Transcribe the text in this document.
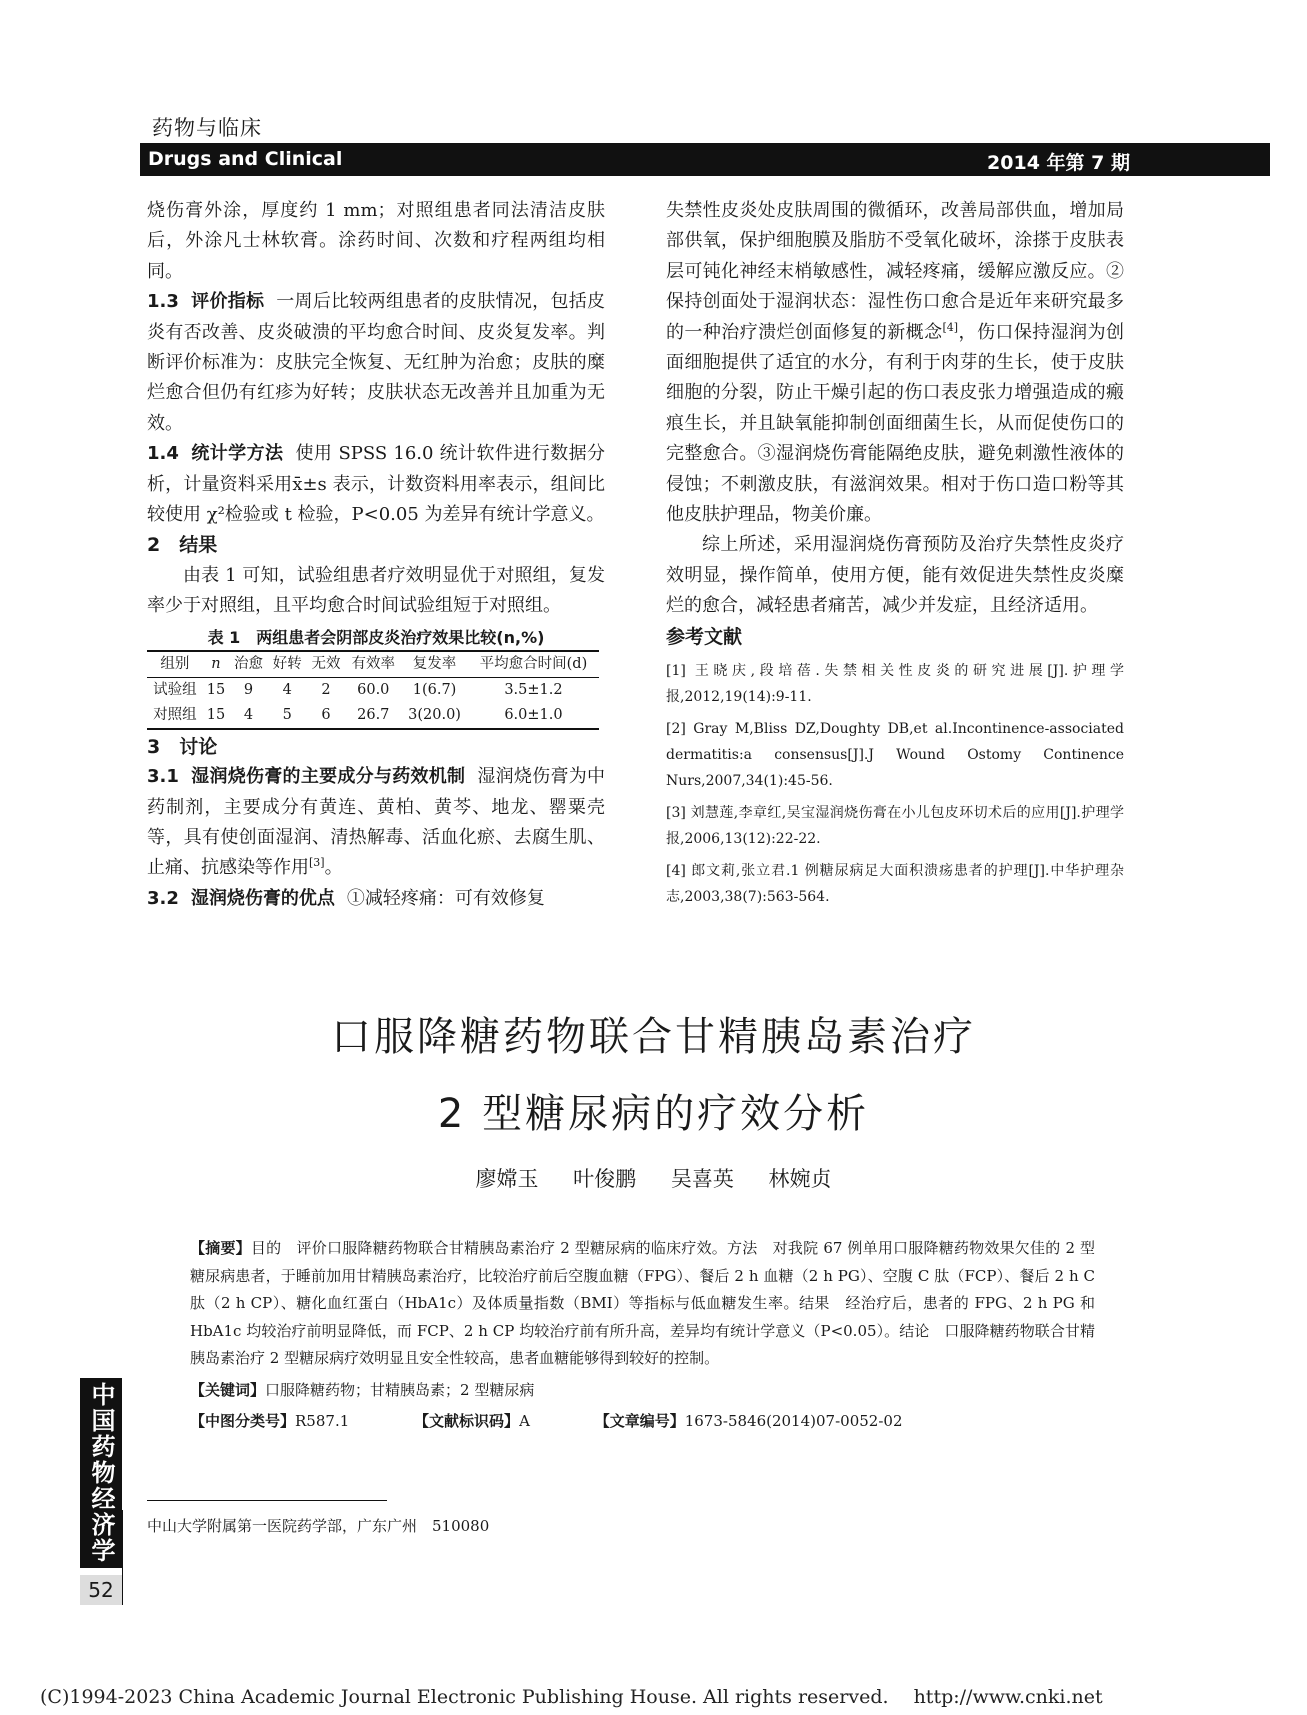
药物与临床
Drugs and Clinical	2014 年第 7 期

烧伤膏外涂，厚度约 1 mm；对照组患者同法清洁皮肤后，外涂凡士林软膏。涂药时间、次数和疗程两组均相同。

1.3 评价指标 一周后比较两组患者的皮肤情况，包括皮炎有否改善、皮炎破溃的平均愈合时间、皮炎复发率。判断评价标准为：皮肤完全恢复、无红肿为治愈；皮肤的糜烂愈合但仍有红疹为好转；皮肤状态无改善并且加重为无效。

1.4 统计学方法 使用 SPSS 16.0 统计软件进行数据分析，计量资料采用x̄±s 表示，计数资料用率表示，组间比较使用 χ²检验或 t 检验，P<0.05 为差异有统计学意义。

2　结果

由表 1 可知，试验组患者疗效明显优于对照组，复发率少于对照组，且平均愈合时间试验组短于对照组。

表 1　两组患者会阴部皮炎治疗效果比较(n,%)
组别	n	治愈	好转	无效	有效率	复发率	平均愈合时间(d)
试验组	15	9	4	2	60.0	1(6.7)	3.5±1.2
对照组	15	4	5	6	26.7	3(20.0)	6.0±1.0

3　讨论

3.1 湿润烧伤膏的主要成分与药效机制 湿润烧伤膏为中药制剂，主要成分有黄连、黄柏、黄芩、地龙、罂粟壳等，具有使创面湿润、清热解毒、活血化瘀、去腐生肌、止痛、抗感染等作用[3]。

3.2 湿润烧伤膏的优点 ①减轻疼痛：可有效修复

失禁性皮炎处皮肤周围的微循环，改善局部供血，增加局部供氧，保护细胞膜及脂肪不受氧化破坏，涂搽于皮肤表层可钝化神经末梢敏感性，减轻疼痛，缓解应激反应。②保持创面处于湿润状态：湿性伤口愈合是近年来研究最多的一种治疗溃烂创面修复的新概念[4]，伤口保持湿润为创面细胞提供了适宜的水分，有利于肉芽的生长，使于皮肤细胞的分裂，防止干燥引起的伤口表皮张力增强造成的瘢痕生长，并且缺氧能抑制创面细菌生长，从而促使伤口的完整愈合。③湿润烧伤膏能隔绝皮肤，避免刺激性液体的侵蚀；不刺激皮肤，有滋润效果。相对于伤口造口粉等其他皮肤护理品，物美价廉。

综上所述，采用湿润烧伤膏预防及治疗失禁性皮炎疗效明显，操作简单，使用方便，能有效促进失禁性皮炎糜烂的愈合，减轻患者痛苦，减少并发症，且经济适用。

参考文献

[1] 王晓庆,段培蓓.失禁相关性皮炎的研究进展[J].护理学报,2012,19(14):9-11.

[2] Gray M,Bliss DZ,Doughty DB,et al.Incontinence-associated dermatitis:a consensus[J].J Wound Ostomy Continence Nurs,2007,34(1):45-56.

[3] 刘慧莲,李章红,吴宝湿润烧伤膏在小儿包皮环切术后的应用[J].护理学报,2006,13(12):22-22.

[4] 郎文莉,张立君.1 例糖尿病足大面积溃疡患者的护理[J].中华护理杂志,2003,38(7):563-564.

口服降糖药物联合甘精胰岛素治疗
2 型糖尿病的疗效分析
廖嫦玉 叶俊鹏 吴喜英 林婉贞

【摘要】目的　评价口服降糖药物联合甘精胰岛素治疗 2 型糖尿病的临床疗效。方法　对我院 67 例单用口服降糖药物效果欠佳的 2 型糖尿病患者，于睡前加用甘精胰岛素治疗，比较治疗前后空腹血糖（FPG）、餐后 2 h 血糖（2 h PG）、空腹 C 肽（FCP）、餐后 2 h C 肽（2 h CP）、糖化血红蛋白（HbA1c）及体质量指数（BMI）等指标与低血糖发生率。结果　经治疗后，患者的 FPG、2 h PG 和 HbA1c 均较治疗前明显降低，而 FCP、2 h CP 均较治疗前有所升高，差异均有统计学意义（P<0.05）。结论　口服降糖药物联合甘精胰岛素治疗 2 型糖尿病疗效明显且安全性较高，患者血糖能够得到较好的控制。

【关键词】口服降糖药物；甘精胰岛素；2 型糖尿病

【中图分类号】R587.1	【文献标识码】A	【文章编号】1673-5846(2014)07-0052-02

中山大学附属第一医院药学部，广东广州　510080
中国药物经济学
52
(C)1994-2023 China Academic Journal Electronic Publishing House. All rights reserved.　 http://www.cnki.net
